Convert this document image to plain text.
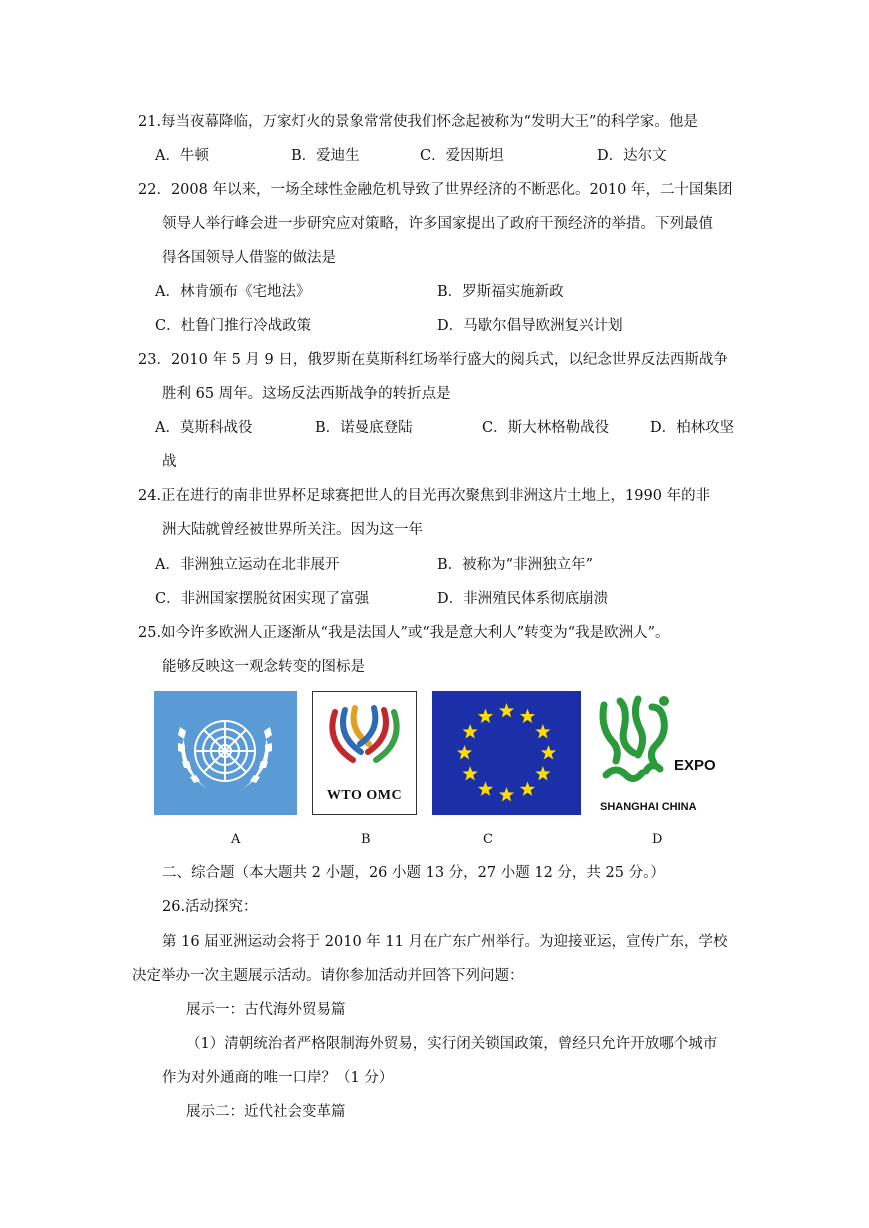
21.每当夜幕降临，万家灯火的景象常常使我们怀念起被称为“发明大王”的科学家。他是
A．牛顿	B．爱迪生	C．爱因斯坦	D．达尔文
22．2008 年以来，一场全球性金融危机导致了世界经济的不断恶化。2010 年，二十国集团
领导人举行峰会进一步研究应对策略，许多国家提出了政府干预经济的举措。下列最值
得各国领导人借鉴的做法是
A．林肯颁布《宅地法》	B．罗斯福实施新政
C．杜鲁门推行冷战政策	D．马歇尔倡导欧洲复兴计划
23．2010 年 5 月 9 日，俄罗斯在莫斯科红场举行盛大的阅兵式，以纪念世界反法西斯战争
胜利 65 周年。这场反法西斯战争的转折点是
A．莫斯科战役	B．诺曼底登陆	C．斯大林格勒战役	D．柏林攻坚
战
24.正在进行的南非世界杯足球赛把世人的目光再次聚焦到非洲这片土地上，1990 年的非
洲大陆就曾经被世界所关注。因为这一年
A．非洲独立运动在北非展开	B．被称为“非洲独立年”
C．非洲国家摆脱贫困实现了富强	D．非洲殖民体系彻底崩溃
25.如今许多欧洲人正逐渐从“我是法国人”或“我是意大利人”转变为“我是欧洲人”。
能够反映这一观念转变的图标是
A
WTO OMC
B	C
EXPO
SHANGHAI CHINA
D
二、综合题（本大题共 2 小题，26 小题 13 分，27 小题 12 分，共 25 分。）
26.活动探究：
第 16 届亚洲运动会将于 2010 年 11 月在广东广州举行。为迎接亚运，宣传广东，学校
决定举办一次主题展示活动。请你参加活动并回答下列问题：
展示一：古代海外贸易篇
（1）清朝统治者严格限制海外贸易，实行闭关锁国政策，曾经只允许开放哪个城市
作为对外通商的唯一口岸？（1 分）
展示二：近代社会变革篇
